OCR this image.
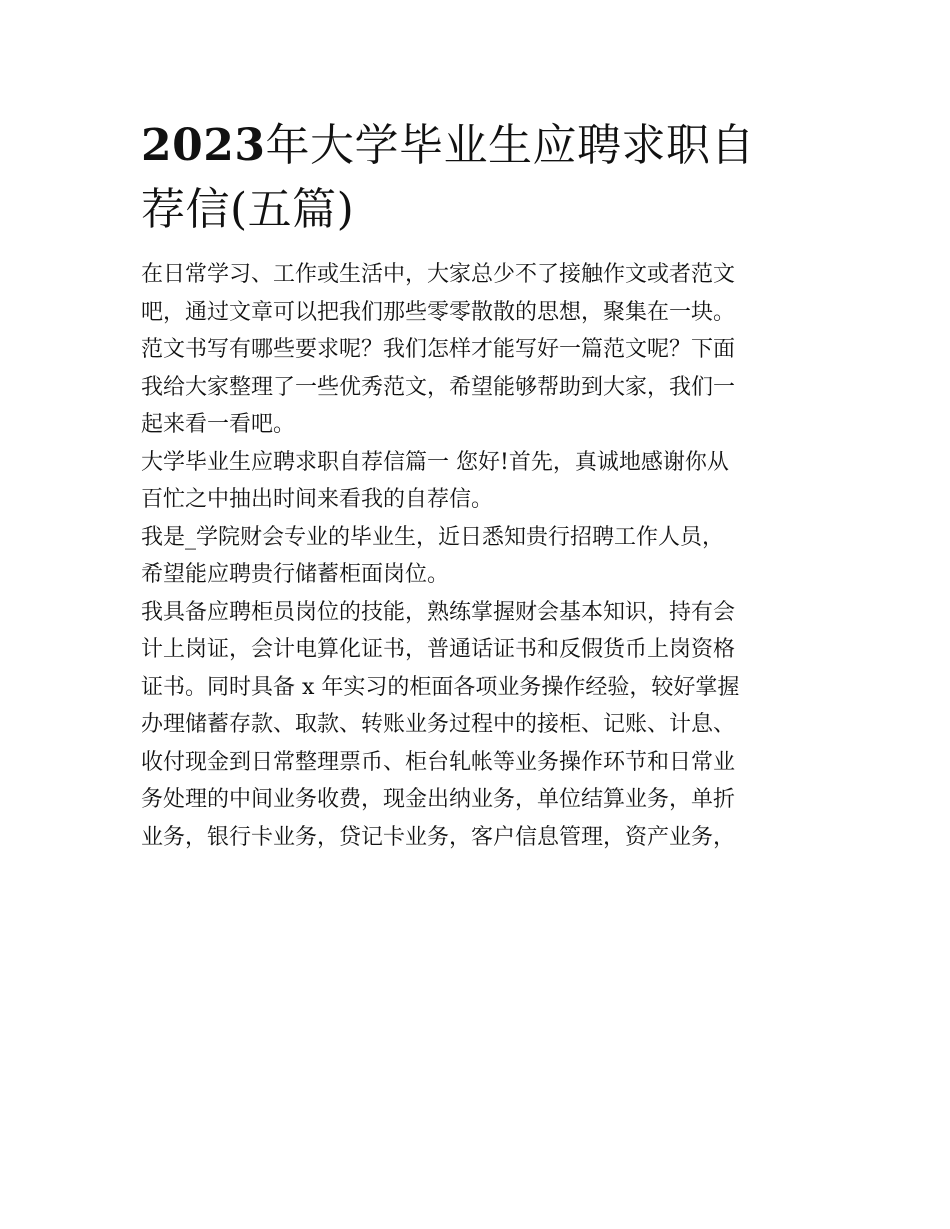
2023年大学毕业生应聘求职自
荐信(五篇)

在日常学习、工作或生活中，大家总少不了接触作文或者范文
吧，通过文章可以把我们那些零零散散的思想，聚集在一块。
范文书写有哪些要求呢？我们怎样才能写好一篇范文呢？下面
我给大家整理了一些优秀范文，希望能够帮助到大家，我们一
起来看一看吧。

大学毕业生应聘求职自荐信篇一 您好!首先，真诚地感谢你从
百忙之中抽出时间来看我的自荐信。

我是_学院财会专业的毕业生，近日悉知贵行招聘工作人员，
希望能应聘贵行储蓄柜面岗位。

我具备应聘柜员岗位的技能，熟练掌握财会基本知识，持有会
计上岗证，会计电算化证书，普通话证书和反假货币上岗资格
证书。同时具备 x 年实习的柜面各项业务操作经验，较好掌握
办理储蓄存款、取款、转账业务过程中的接柜、记账、计息、
收付现金到日常整理票币、柜台轧帐等业务操作环节和日常业
务处理的中间业务收费，现金出纳业务，单位结算业务，单折
业务，银行卡业务，贷记卡业务，客户信息管理，资产业务，
